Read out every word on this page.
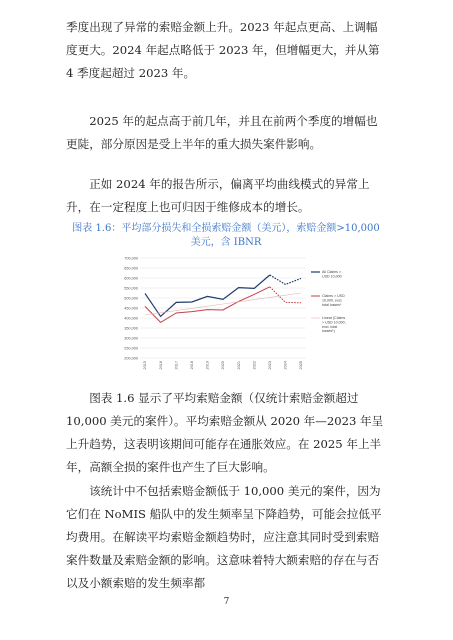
季度出现了异常的索赔金额上升。2023 年起点更高、上调幅度更大。2024 年起点略低于 2023 年，但增幅更大，并从第 4 季度起超过 2023 年。

2025 年的起点高于前几年，并且在前两个季度的增幅也更陡，部分原因是受上半年的重大损失案件影响。

正如 2024 年的报告所示，偏离平均曲线模式的异常上升，在一定程度上也可归因于维修成本的增长。

图表 1.6：平均部分损失和全损索赔金额（美元），索赔金额>10,000 美元，含 IBNR

200,000
250,000
300,000
350,000
400,000
450,000
500,000
550,000
600,000
650,000
700,000
2015	2016	2017	2018	2019	2020	2021	2022	2023	2024	2025
All Claims > USD 10,000
Claims > USD 10,000, excl. total losses*
Linear (Claims > USD 10,000, excl. total losses*)

图表 1.6 显示了平均索赔金额（仅统计索赔金额超过 10,000 美元的案件）。平均索赔金额从 2020 年—2023 年呈上升趋势，这表明该期间可能存在通胀效应。在 2025 年上半年，高额全损的案件也产生了巨大影响。

该统计中不包括索赔金额低于 10,000 美元的案件，因为它们在 NoMIS 船队中的发生频率呈下降趋势，可能会拉低平均费用。在解读平均索赔金额趋势时，应注意其同时受到索赔案件数量及索赔金额的影响。这意味着特大额索赔的存在与否以及小额索赔的发生频率都

7
